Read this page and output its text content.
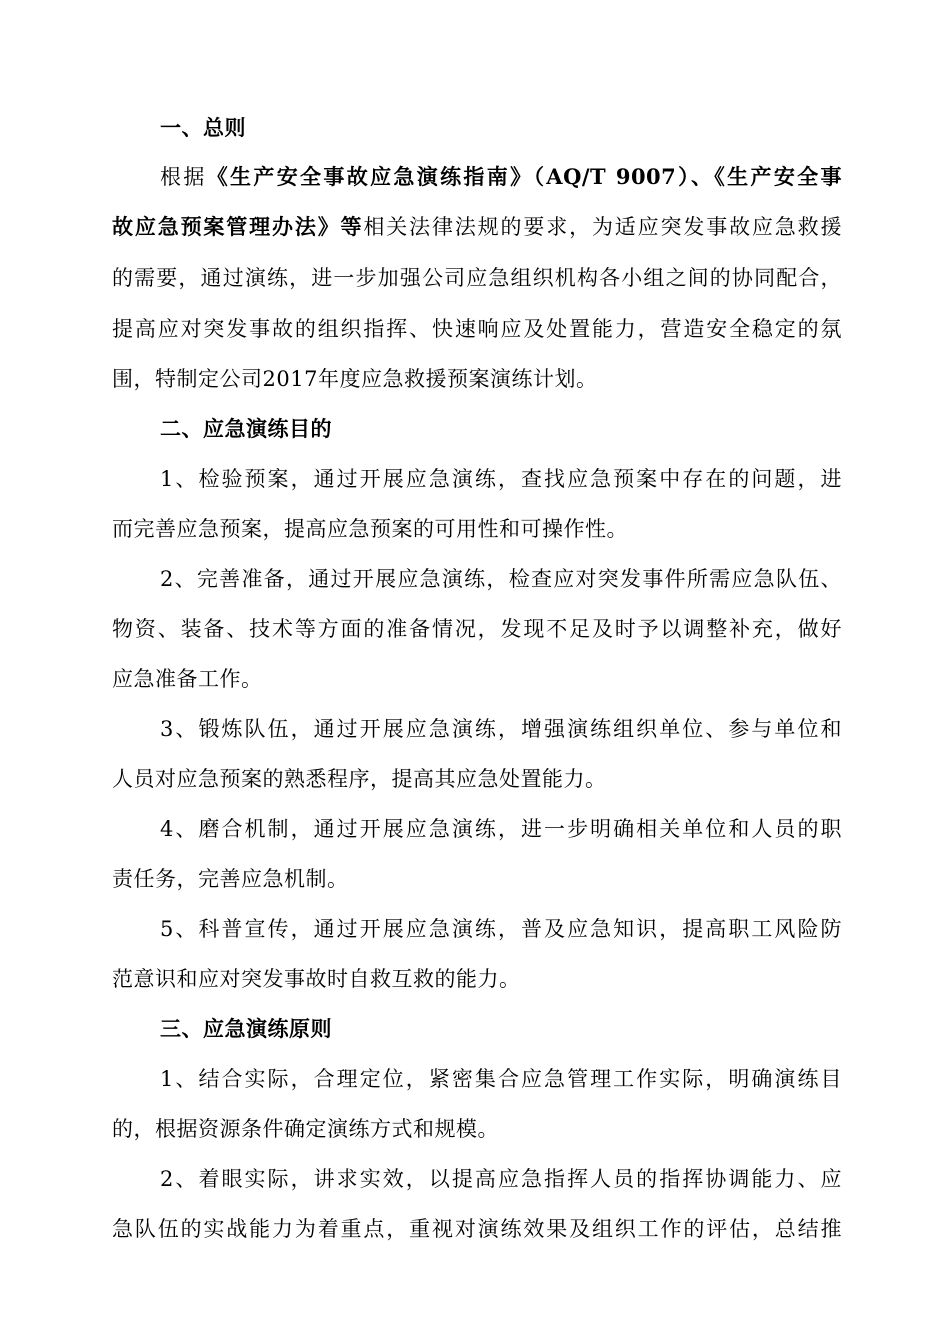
一、总则
根据《生产安全事故应急演练指南》（AQ/T 9007）、《生产安全事
故应急预案管理办法》等相关法律法规的要求，为适应突发事故应急救援
的需要，通过演练，进一步加强公司应急组织机构各小组之间的协同配合，
提高应对突发事故的组织指挥、快速响应及处置能力，营造安全稳定的氛
围，特制定公司2017年度应急救援预案演练计划。
二、应急演练目的
1、检验预案，通过开展应急演练，查找应急预案中存在的问题，进
而完善应急预案，提高应急预案的可用性和可操作性。
2、完善准备，通过开展应急演练，检查应对突发事件所需应急队伍、
物资、装备、技术等方面的准备情况，发现不足及时予以调整补充，做好
应急准备工作。
3、锻炼队伍，通过开展应急演练，增强演练组织单位、参与单位和
人员对应急预案的熟悉程序，提高其应急处置能力。
4、磨合机制，通过开展应急演练，进一步明确相关单位和人员的职
责任务，完善应急机制。
5、科普宣传，通过开展应急演练，普及应急知识，提高职工风险防
范意识和应对突发事故时自救互救的能力。
三、应急演练原则
1、结合实际，合理定位，紧密集合应急管理工作实际，明确演练目
的，根据资源条件确定演练方式和规模。
2、着眼实际，讲求实效，以提高应急指挥人员的指挥协调能力、应
急队伍的实战能力为着重点，重视对演练效果及组织工作的评估，总结推
